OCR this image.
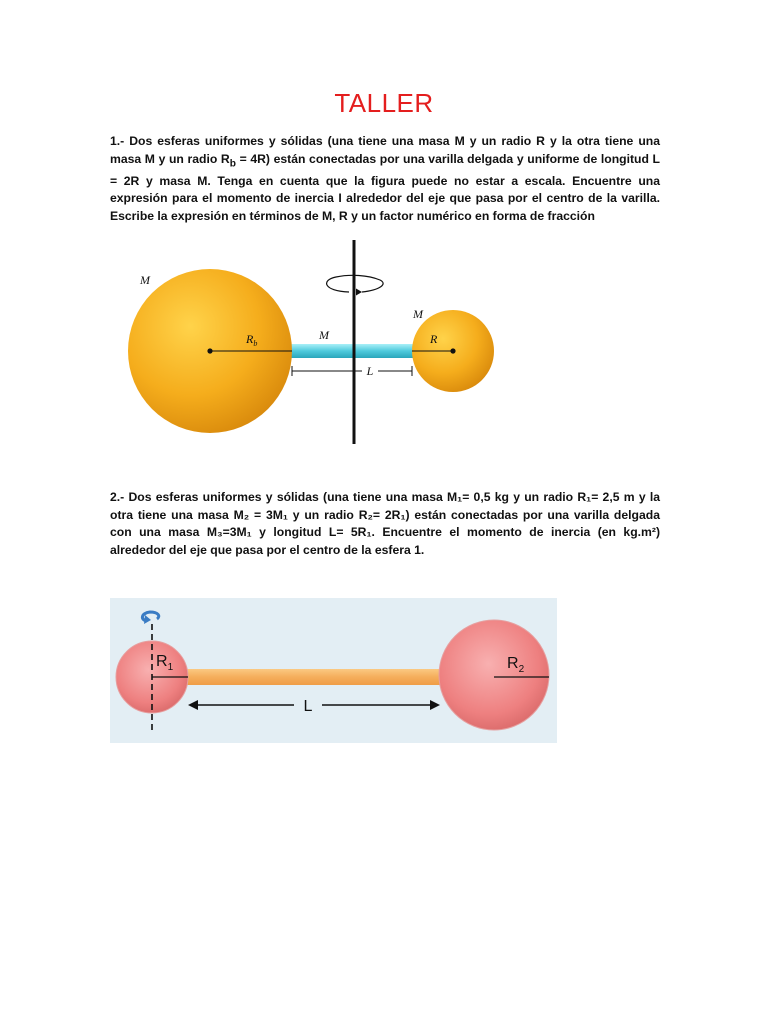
TALLER
1.- Dos esferas uniformes y sólidas (una tiene una masa M y un radio R y la otra tiene una masa M y un radio $R_b = 4R$) están conectadas por una varilla delgada y uniforme de longitud L = 2R y masa M. Tenga en cuenta que la figura puede no estar a escala. Encuentre una expresión para el momento de inercia I alrededor del eje que pasa por el centro de la varilla. Escribe la expresión en términos de M, R y un factor numérico en forma de fracción
L
M
M
M
$R_b$	R
2.- Dos esferas uniformes y sólidas (una tiene una masa M₁= 0,5 kg y un radio R₁= 2,5 m y la otra tiene una masa M₂ = 3M₁ y un radio R₂= 2R₁) están conectadas por una varilla delgada con una masa M₃=3M₁ y longitud L= 5R₁. Encuentre el momento de inercia (en kg.m²) alrededor del eje que pasa por el centro de la esfera 1.
L
$R_1$	$R_2$
